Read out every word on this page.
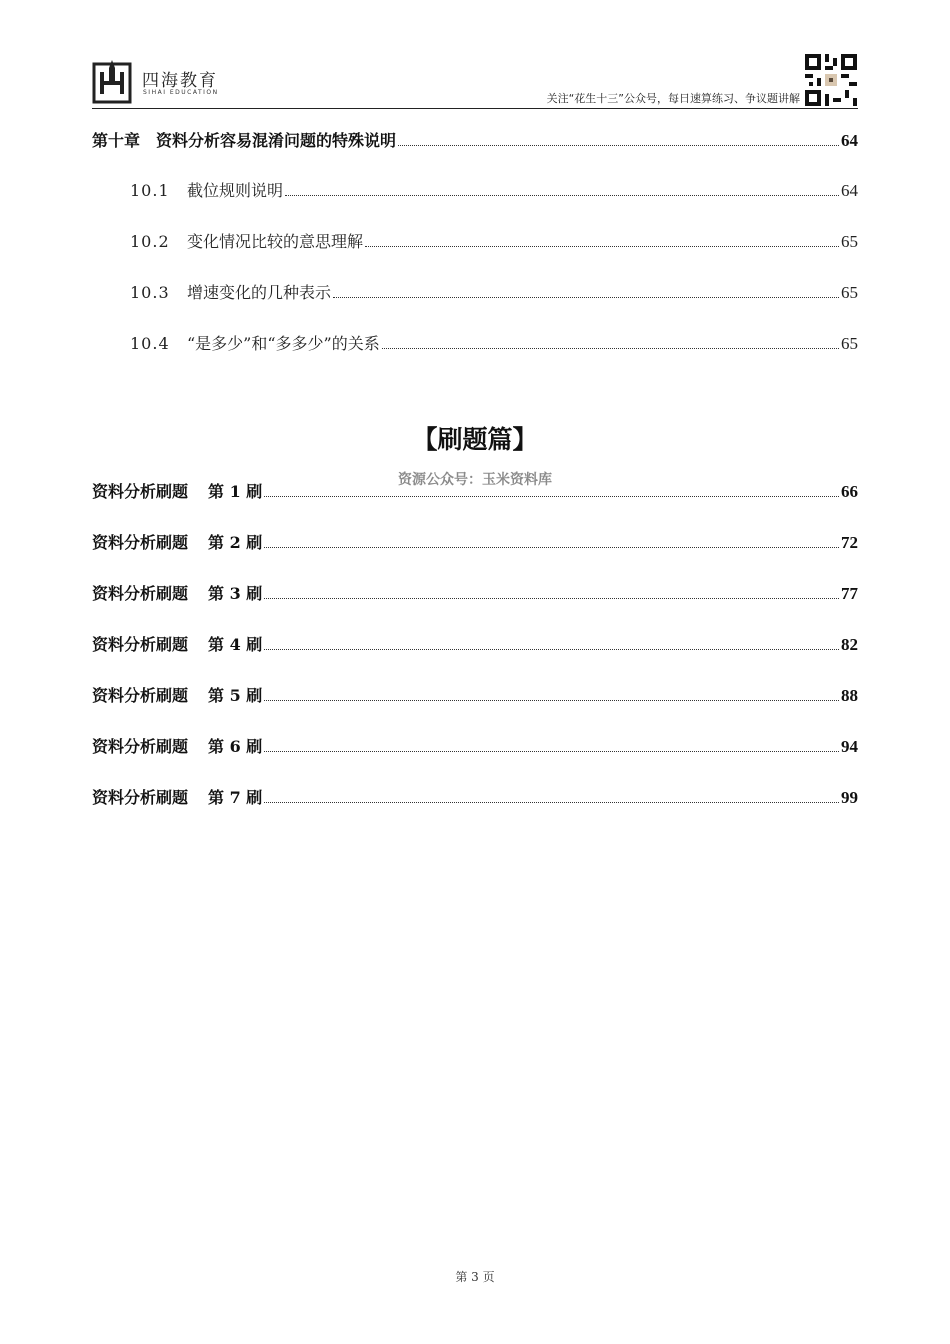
四海教育
SIHAI EDUCATION	关注“花生十三”公众号，每日速算练习、争议题讲解
第十章　资料分析容易混淆问题的特殊说明	64
10.1 截位规则说明	64
10.2 变化情况比较的意思理解	65
10.3 增速变化的几种表示	65
10.4 “是多少”和“多多少”的关系	65
【刷题篇】
资源公众号：玉米资料库
资料分析刷题 第 1 刷	66
资料分析刷题 第 2 刷	72
资料分析刷题 第 3 刷	77
资料分析刷题 第 4 刷	82
资料分析刷题 第 5 刷	88
资料分析刷题 第 6 刷	94
资料分析刷题 第 7 刷	99
第 3 页
